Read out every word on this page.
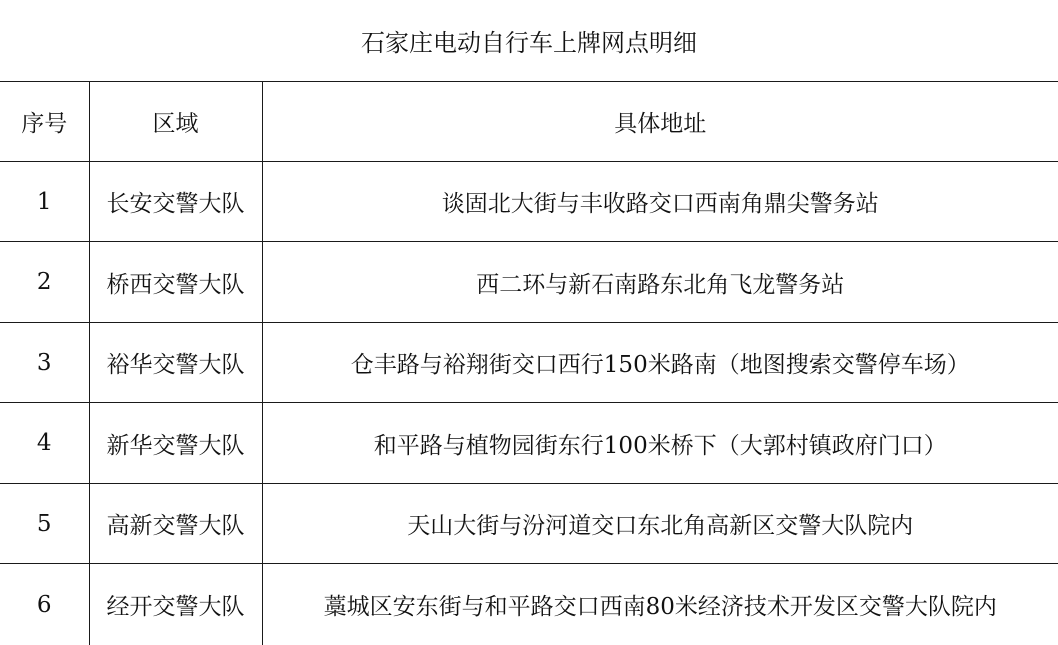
石家庄电动自行车上牌网点明细		
序号	区域	具体地址
1	长安交警大队	谈固北大街与丰收路交口西南角鼎尖警务站
2	桥西交警大队	西二环与新石南路东北角飞龙警务站
3	裕华交警大队	仓丰路与裕翔街交口西行150米路南（地图搜索交警停车场）
4	新华交警大队	和平路与植物园街东行100米桥下（大郭村镇政府门口）
5	高新交警大队	天山大街与汾河道交口东北角高新区交警大队院内
6	经开交警大队	藁城区安东街与和平路交口西南80米经济技术开发区交警大队院内
